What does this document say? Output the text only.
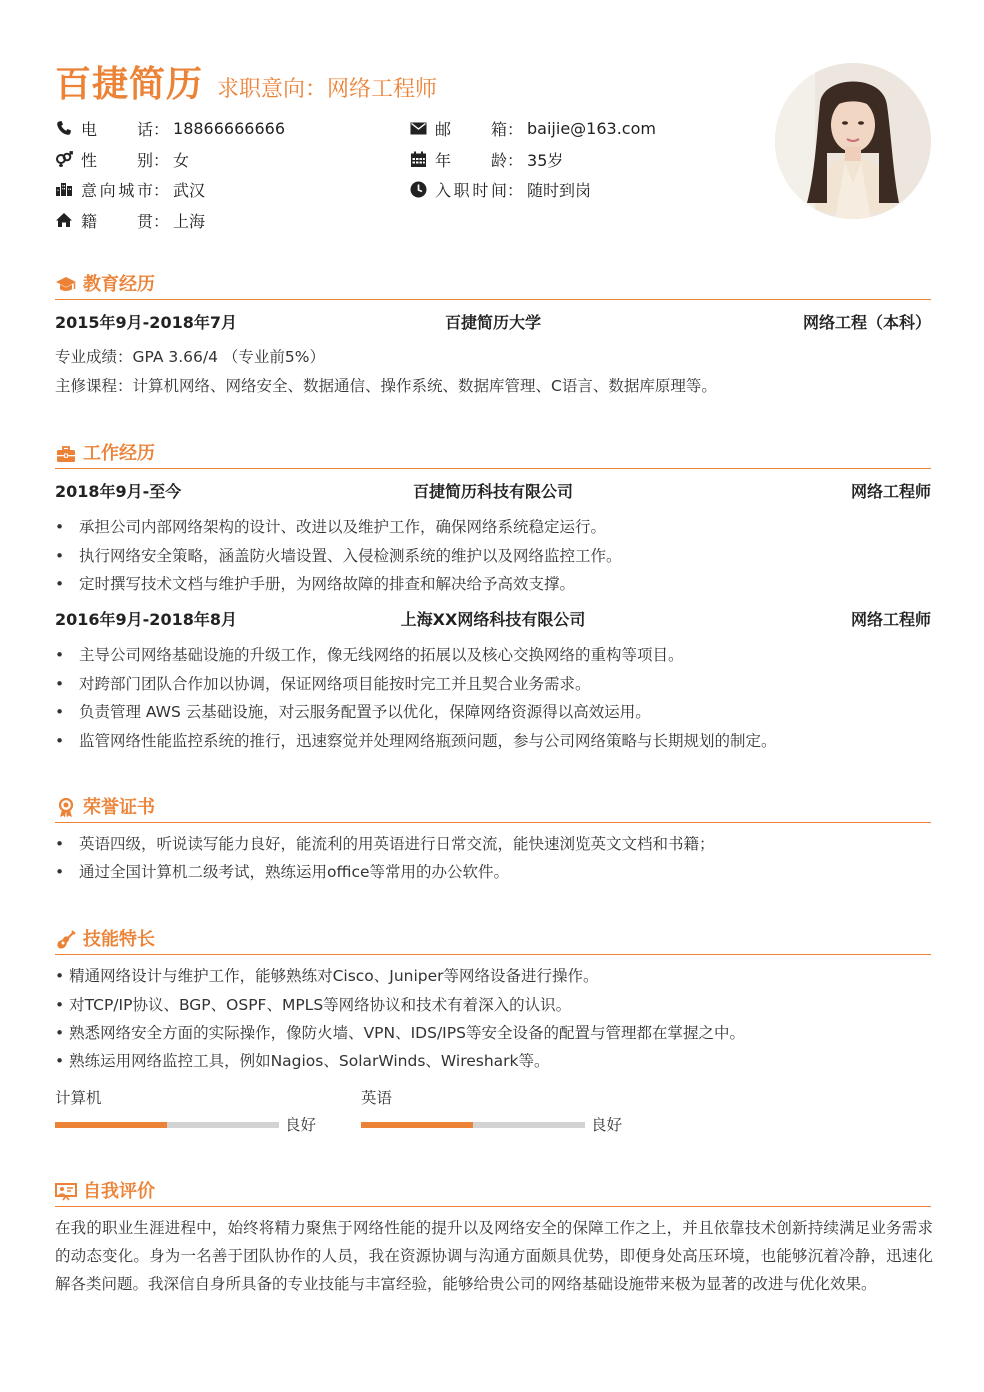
百捷简历 求职意向：网络工程师
电话 ： 18866666666
性别 ： 女
意向城市 ： 武汉
籍贯 ： 上海
邮箱 ： baijie@163.com
年龄 ： 35岁
入职时间 ： 随时到岗
教育经历
2015年9月-2018年7月	百捷简历大学	网络工程（本科）
专业成绩：GPA 3.66/4 （专业前5%）
主修课程：计算机网络、网络安全、数据通信、操作系统、数据库管理、C语言、数据库原理等。
工作经历
2018年9月-至今	百捷简历科技有限公司	网络工程师
• 承担公司内部网络架构的设计、改进以及维护工作，确保网络系统稳定运行。
• 执行网络安全策略，涵盖防火墙设置、入侵检测系统的维护以及网络监控工作。
• 定时撰写技术文档与维护手册，为网络故障的排查和解决给予高效支撑。
2016年9月-2018年8月	上海XX网络科技有限公司	网络工程师
• 主导公司网络基础设施的升级工作，像无线网络的拓展以及核心交换网络的重构等项目。
• 对跨部门团队合作加以协调，保证网络项目能按时完工并且契合业务需求。
• 负责管理 AWS 云基础设施，对云服务配置予以优化，保障网络资源得以高效运用。
• 监管网络性能监控系统的推行，迅速察觉并处理网络瓶颈问题，参与公司网络策略与长期规划的制定。
荣誉证书
• 英语四级，听说读写能力良好，能流利的用英语进行日常交流，能快速浏览英文文档和书籍；
• 通过全国计算机二级考试，熟练运用office等常用的办公软件。
技能特长
• 精通网络设计与维护工作，能够熟练对Cisco、Juniper等网络设备进行操作。
• 对TCP/IP协议、BGP、OSPF、MPLS等网络协议和技术有着深入的认识。
• 熟悉网络安全方面的实际操作，像防火墙、VPN、IDS/IPS等安全设备的配置与管理都在掌握之中。
• 熟练运用网络监控工具，例如Nagios、SolarWinds、Wireshark等。
计算机
良好
英语
良好
自我评价
在我的职业生涯进程中，始终将精力聚焦于网络性能的提升以及网络安全的保障工作之上，并且依靠技术创新持续满足业务需求的动态变化。身为一名善于团队协作的人员，我在资源协调与沟通方面颇具优势，即便身处高压环境，也能够沉着冷静，迅速化解各类问题。我深信自身所具备的专业技能与丰富经验，能够给贵公司的网络基础设施带来极为显著的改进与优化效果。
